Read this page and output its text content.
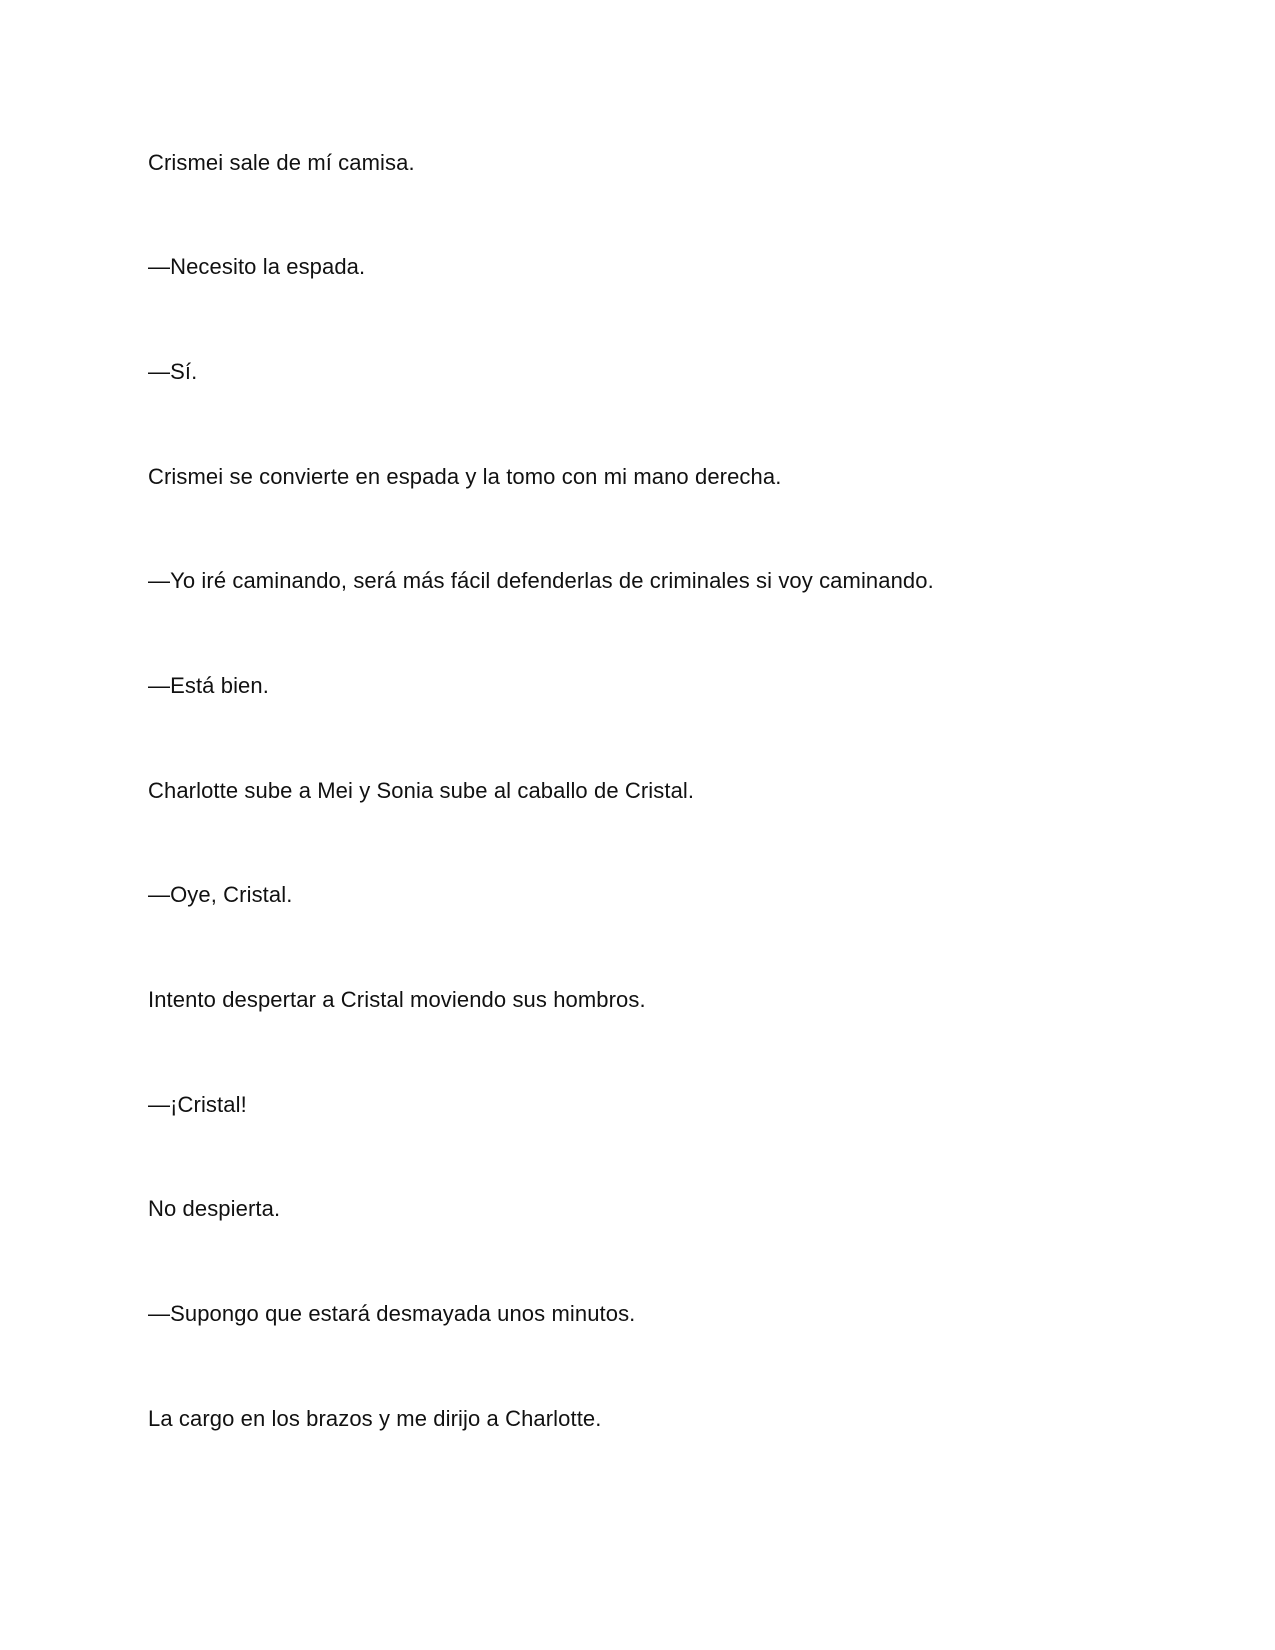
Crismei sale de mí camisa.

—Necesito la espada.

—Sí.

Crismei se convierte en espada y la tomo con mi mano derecha.

—Yo iré caminando, será más fácil defenderlas de criminales si voy caminando.

—Está bien.

Charlotte sube a Mei y Sonia sube al caballo de Cristal.

—Oye, Cristal.

Intento despertar a Cristal moviendo sus hombros.

—¡Cristal!

No despierta.

—Supongo que estará desmayada unos minutos.

La cargo en los brazos y me dirijo a Charlotte.
